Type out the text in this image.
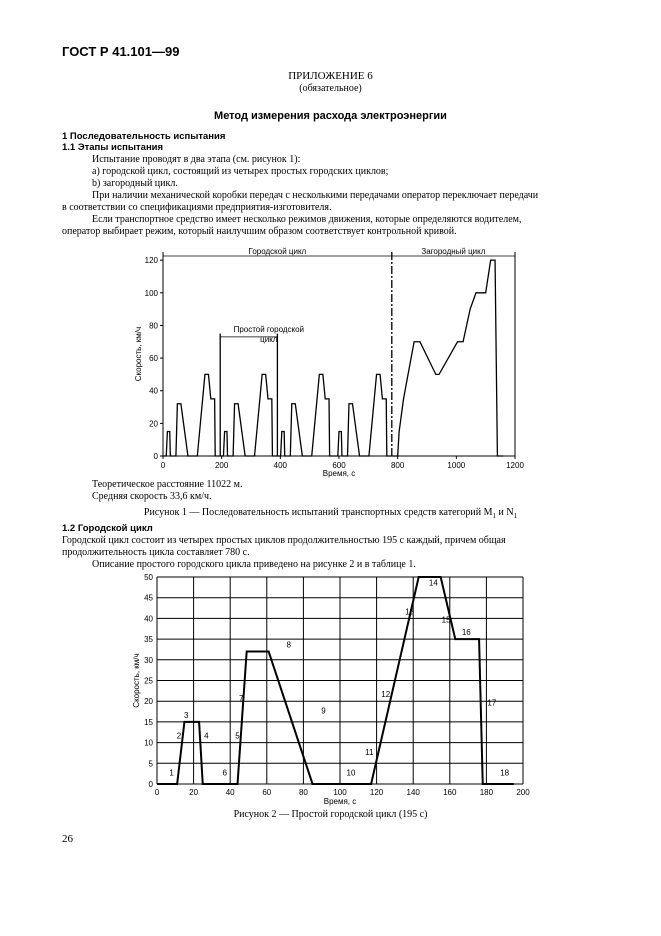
ГОСТ Р 41.101—99
ПРИЛОЖЕНИЕ 6
(обязательное)
Метод измерения расхода электроэнергии
1 Последовательность испытания
1.1 Этапы испытания
Испытание проводят в два этапа (см. рисунок 1):
a) городской цикл, состоящий из четырех простых городских циклов;
b) загородный цикл.
При наличии механической коробки передач с несколькими передачами оператор переключает передачи
в соответствии со спецификациями предприятия-изготовителя.
Если транспортное средство имеет несколько режимов движения, которые определяются водителем,
оператор выбирает режим, который наилучшим образом соответствует контрольной кривой.
0
20
40
60
80
100
120
0	200	400	600	800	1000	1200
Городской цикл	Загородный цикл
Простой городской
цикл
Скорость, км/ч
Время, с
0	20	40	60	80	100	120	140	160	180	200
0
5
10
15
20
25
30
35
40
45
50
1
2
3
4	5
6
7
8
9
10
11
12
13
14
15
16
17
18
Скорость, км/ч
Время, с
Теоретическое расстояние 11022 м.
Средняя скорость 33,6 км/ч.
Рисунок 1 — Последовательность испытаний транспортных средств категорий $M_1$ и $N_1$
1.2 Городской цикл
Городской цикл состоит из четырех простых циклов продолжительностью 195 с каждый, причем общая
продолжительность цикла составляет 780 с.
Описание простого городского цикла приведено на рисунке 2 и в таблице 1.
Рисунок 2 — Простой городской цикл (195 с)
26
